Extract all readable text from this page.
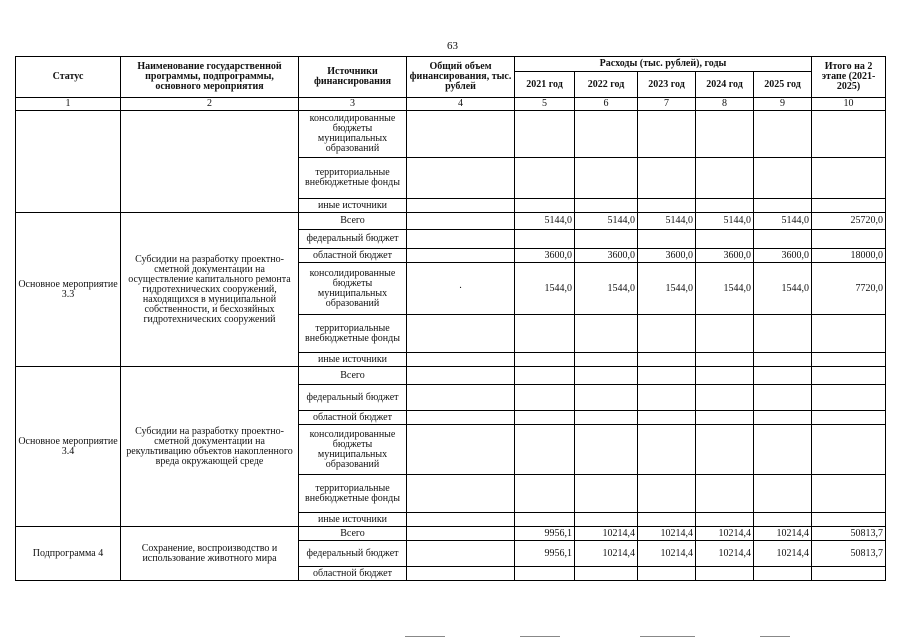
63
Статус	Наименование государственной программы, подпрограммы, основного мероприятия	Источники финансирования	Общий объем финансирования, тыс. рублей	Расходы (тыс. рублей), годы					Итого на 2 этапе (2021-2025)
				2021 год	2022 год	2023 год	2024 год	2025 год	
1	2	3	4	5	6	7	8	9	10
		консолидированные бюджеты муниципальных образований							
		территориальные внебюджетные фонды							
		иные источники							
Основное мероприятие 3.3	Субсидии на разработку проектно-сметной документации на осуществление капитального ремонта гидротехнических сооружений, находящихся в муниципальной собственности, и бесхозяйных гидротехнических сооружений	Всего		5144,0	5144,0	5144,0	5144,0	5144,0	25720,0
		федеральный бюджет							
		областной бюджет		3600,0	3600,0	3600,0	3600,0	3600,0	18000,0
		консолидированные бюджеты муниципальных образований	·	1544,0	1544,0	1544,0	1544,0	1544,0	7720,0
		территориальные внебюджетные фонды							
		иные источники							
Основное мероприятие 3.4	Субсидии на разработку проектно-сметной документации на рекультивацию объектов накопленного вреда окружающей среде	Всего							
		федеральный бюджет							
		областной бюджет							
		консолидированные бюджеты муниципальных образований							
		территориальные внебюджетные фонды							
		иные источники							
Подпрограмма 4	Сохранение, воспроизводство и использование животного мира	Всего		9956,1	10214,4	10214,4	10214,4	10214,4	50813,7
		федеральный бюджет		9956,1	10214,4	10214,4	10214,4	10214,4	50813,7
		областной бюджет							
